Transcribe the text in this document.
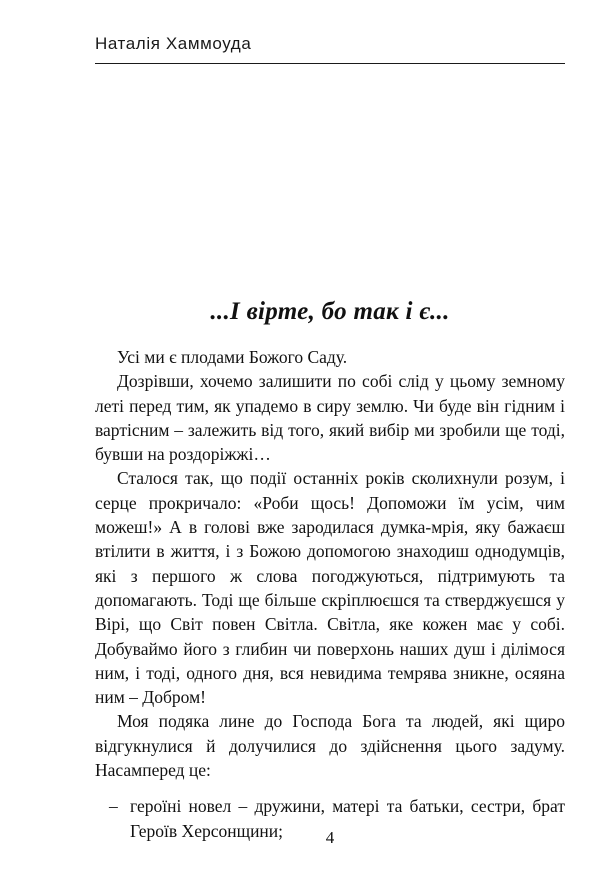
Наталія Хаммоуда
...І вірте, бо так і є...

Усі ми є плодами Божого Саду.

Дозрівши, хочемо залишити по собі слід у цьому земному леті перед тим, як упадемо в сиру землю. Чи буде він гідним і вартісним – залежить від того, який вибір ми зробили ще тоді, бувши на роздоріжжі…

Сталося так, що події останніх років сколихнули розум, і серце прокричало: «Роби щось! Допоможи їм усім, чим можеш!» А в голові вже зародилася думка-мрія, яку бажаєш втілити в життя, і з Божою допомогою знаходиш однодумців, які з першого ж слова погоджуються, підтримують та допомагають. Тоді ще більше скріплюєшся та стверджуєшся у Вірі, що Світ повен Світла. Світла, яке кожен має у собі. Добуваймо його з глибин чи поверхонь наших душ і ділімося ним, і тоді, одного дня, вся невидима темрява зникне, осяяна ним – Добром!

Моя подяка лине до Господа Бога та людей, які щиро відгукнулися й долучилися до здійснення цього задуму. Насамперед це:

– героїні новел – дружини, матері та батьки, сестри, брат Героїв Херсонщини;	4
